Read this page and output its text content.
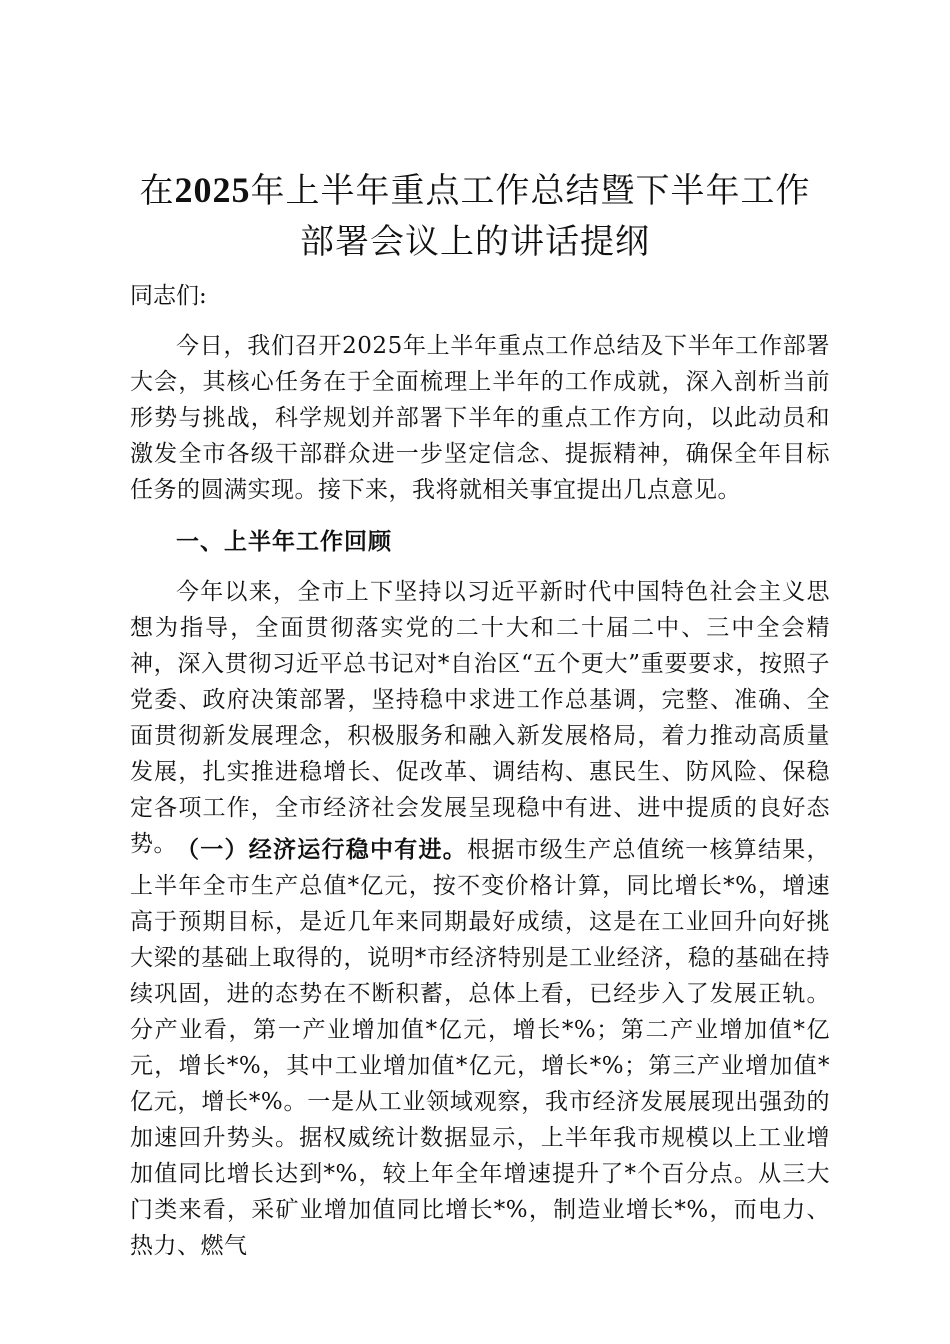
在2025年上半年重点工作总结暨下半年工作
部署会议上的讲话提纲
同志们:

今日，我们召开2025年上半年重点工作总结及下半年工作部署大会，其核心任务在于全面梳理上半年的工作成就，深入剖析当前形势与挑战，科学规划并部署下半年的重点工作方向，以此动员和激发全市各级干部群众进一步坚定信念、提振精神，确保全年目标任务的圆满实现。接下来，我将就相关事宜提出几点意见。

一、上半年工作回顾

今年以来，全市上下坚持以习近平新时代中国特色社会主义思想为指导，全面贯彻落实党的二十大和二十届二中、三中全会精神，深入贯彻习近平总书记对*自治区“五个更大”重要要求，按照子党委、政府决策部署，坚持稳中求进工作总基调，完整、准确、全面贯彻新发展理念，积极服务和融入新发展格局，着力推动高质量发展，扎实推进稳增长、促改革、调结构、惠民生、防风险、保稳定各项工作，全市经济社会发展呈现稳中有进、进中提质的良好态势。 （一）经济运行稳中有进。根据市级生产总值统一核算结果，上半年全市生产总值*亿元，按不变价格计算，同比增长*%，增速高于预期目标，是近几年来同期最好成绩，这是在工业回升向好挑大梁的基础上取得的，说明*市经济特别是工业经济，稳的基础在持续巩固，进的态势在不断积蓄，总体上看，已经步入了发展正轨。分产业看，第一产业增加值*亿元，增长*%；第二产业增加值*亿元，增长*%，其中工业增加值*亿元，增长*%；第三产业增加值*亿元，增长*%。一是从工业领域观察，我市经济发展展现出强劲的加速回升势头。据权威统计数据显示，上半年我市规模以上工业增加值同比增长达到*%，较上年全年增速提升了*个百分点。从三大门类来看，采矿业增加值同比增长*%，制造业增长*%，而电力、热力、燃气
